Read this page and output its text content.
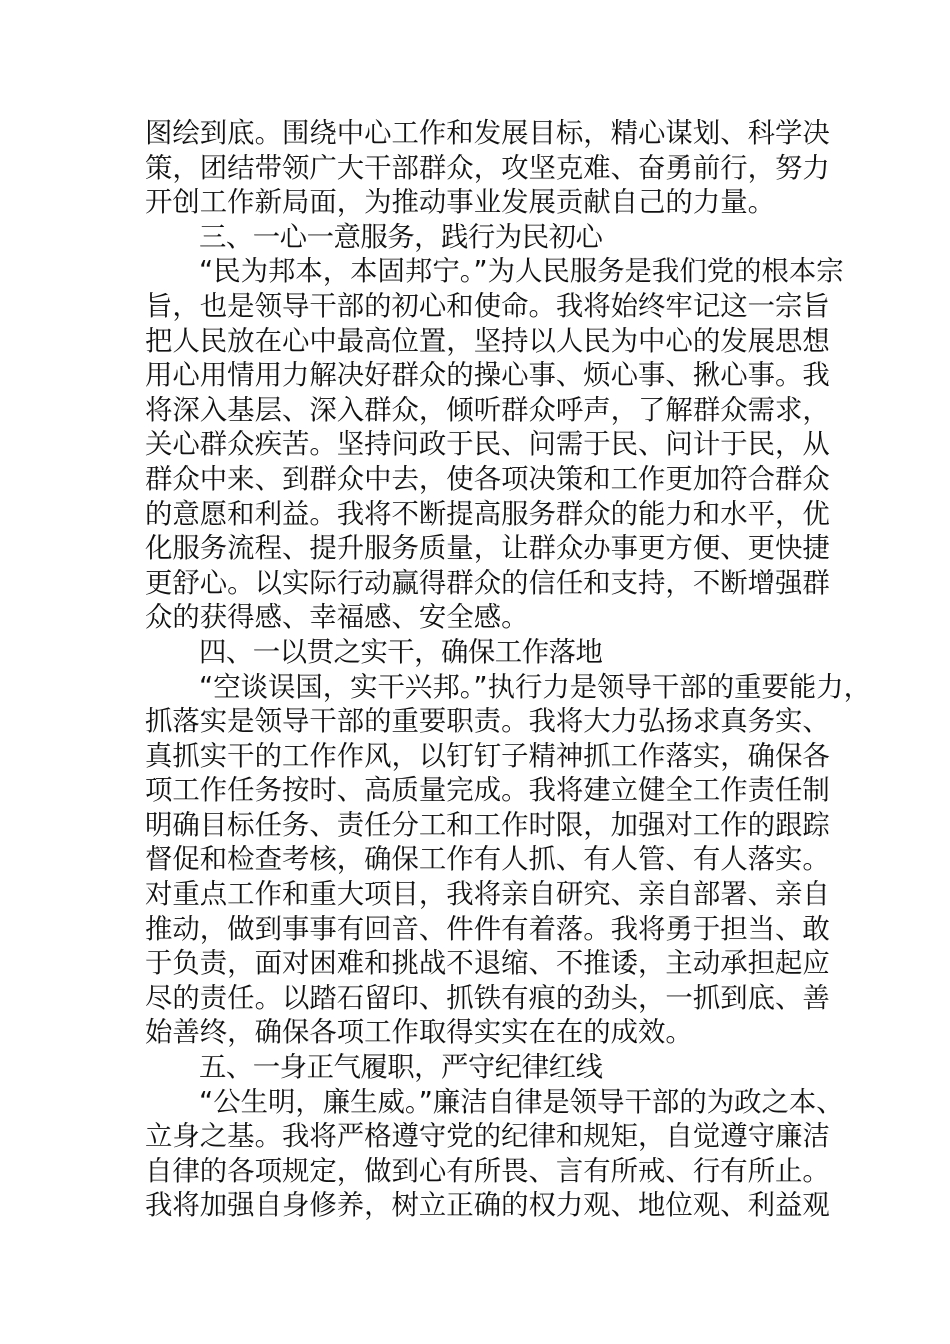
图绘到底。围绕中心工作和发展目标，精心谋划、科学决
策，团结带领广大干部群众，攻坚克难、奋勇前行，努力
开创工作新局面，为推动事业发展贡献自己的力量。
三、一心一意服务，践行为民初心
“民为邦本，本固邦宁。”为人民服务是我们党的根本宗
旨，也是领导干部的初心和使命。我将始终牢记这一宗旨
把人民放在心中最高位置，坚持以人民为中心的发展思想
用心用情用力解决好群众的操心事、烦心事、揪心事。我
将深入基层、深入群众，倾听群众呼声，了解群众需求，
关心群众疾苦。坚持问政于民、问需于民、问计于民，从
群众中来、到群众中去，使各项决策和工作更加符合群众
的意愿和利益。我将不断提高服务群众的能力和水平，优
化服务流程、提升服务质量，让群众办事更方便、更快捷
更舒心。以实际行动赢得群众的信任和支持，不断增强群
众的获得感、幸福感、安全感。
四、一以贯之实干，确保工作落地
“空谈误国，实干兴邦。”执行力是领导干部的重要能力，
抓落实是领导干部的重要职责。我将大力弘扬求真务实、
真抓实干的工作作风，以钉钉子精神抓工作落实，确保各
项工作任务按时、高质量完成。我将建立健全工作责任制
明确目标任务、责任分工和工作时限，加强对工作的跟踪
督促和检查考核，确保工作有人抓、有人管、有人落实。
对重点工作和重大项目，我将亲自研究、亲自部署、亲自
推动，做到事事有回音、件件有着落。我将勇于担当、敢
于负责，面对困难和挑战不退缩、不推诿，主动承担起应
尽的责任。以踏石留印、抓铁有痕的劲头，一抓到底、善
始善终，确保各项工作取得实实在在的成效。
五、一身正气履职，严守纪律红线
“公生明，廉生威。”廉洁自律是领导干部的为政之本、
立身之基。我将严格遵守党的纪律和规矩，自觉遵守廉洁
自律的各项规定，做到心有所畏、言有所戒、行有所止。
我将加强自身修养，树立正确的权力观、地位观、利益观
